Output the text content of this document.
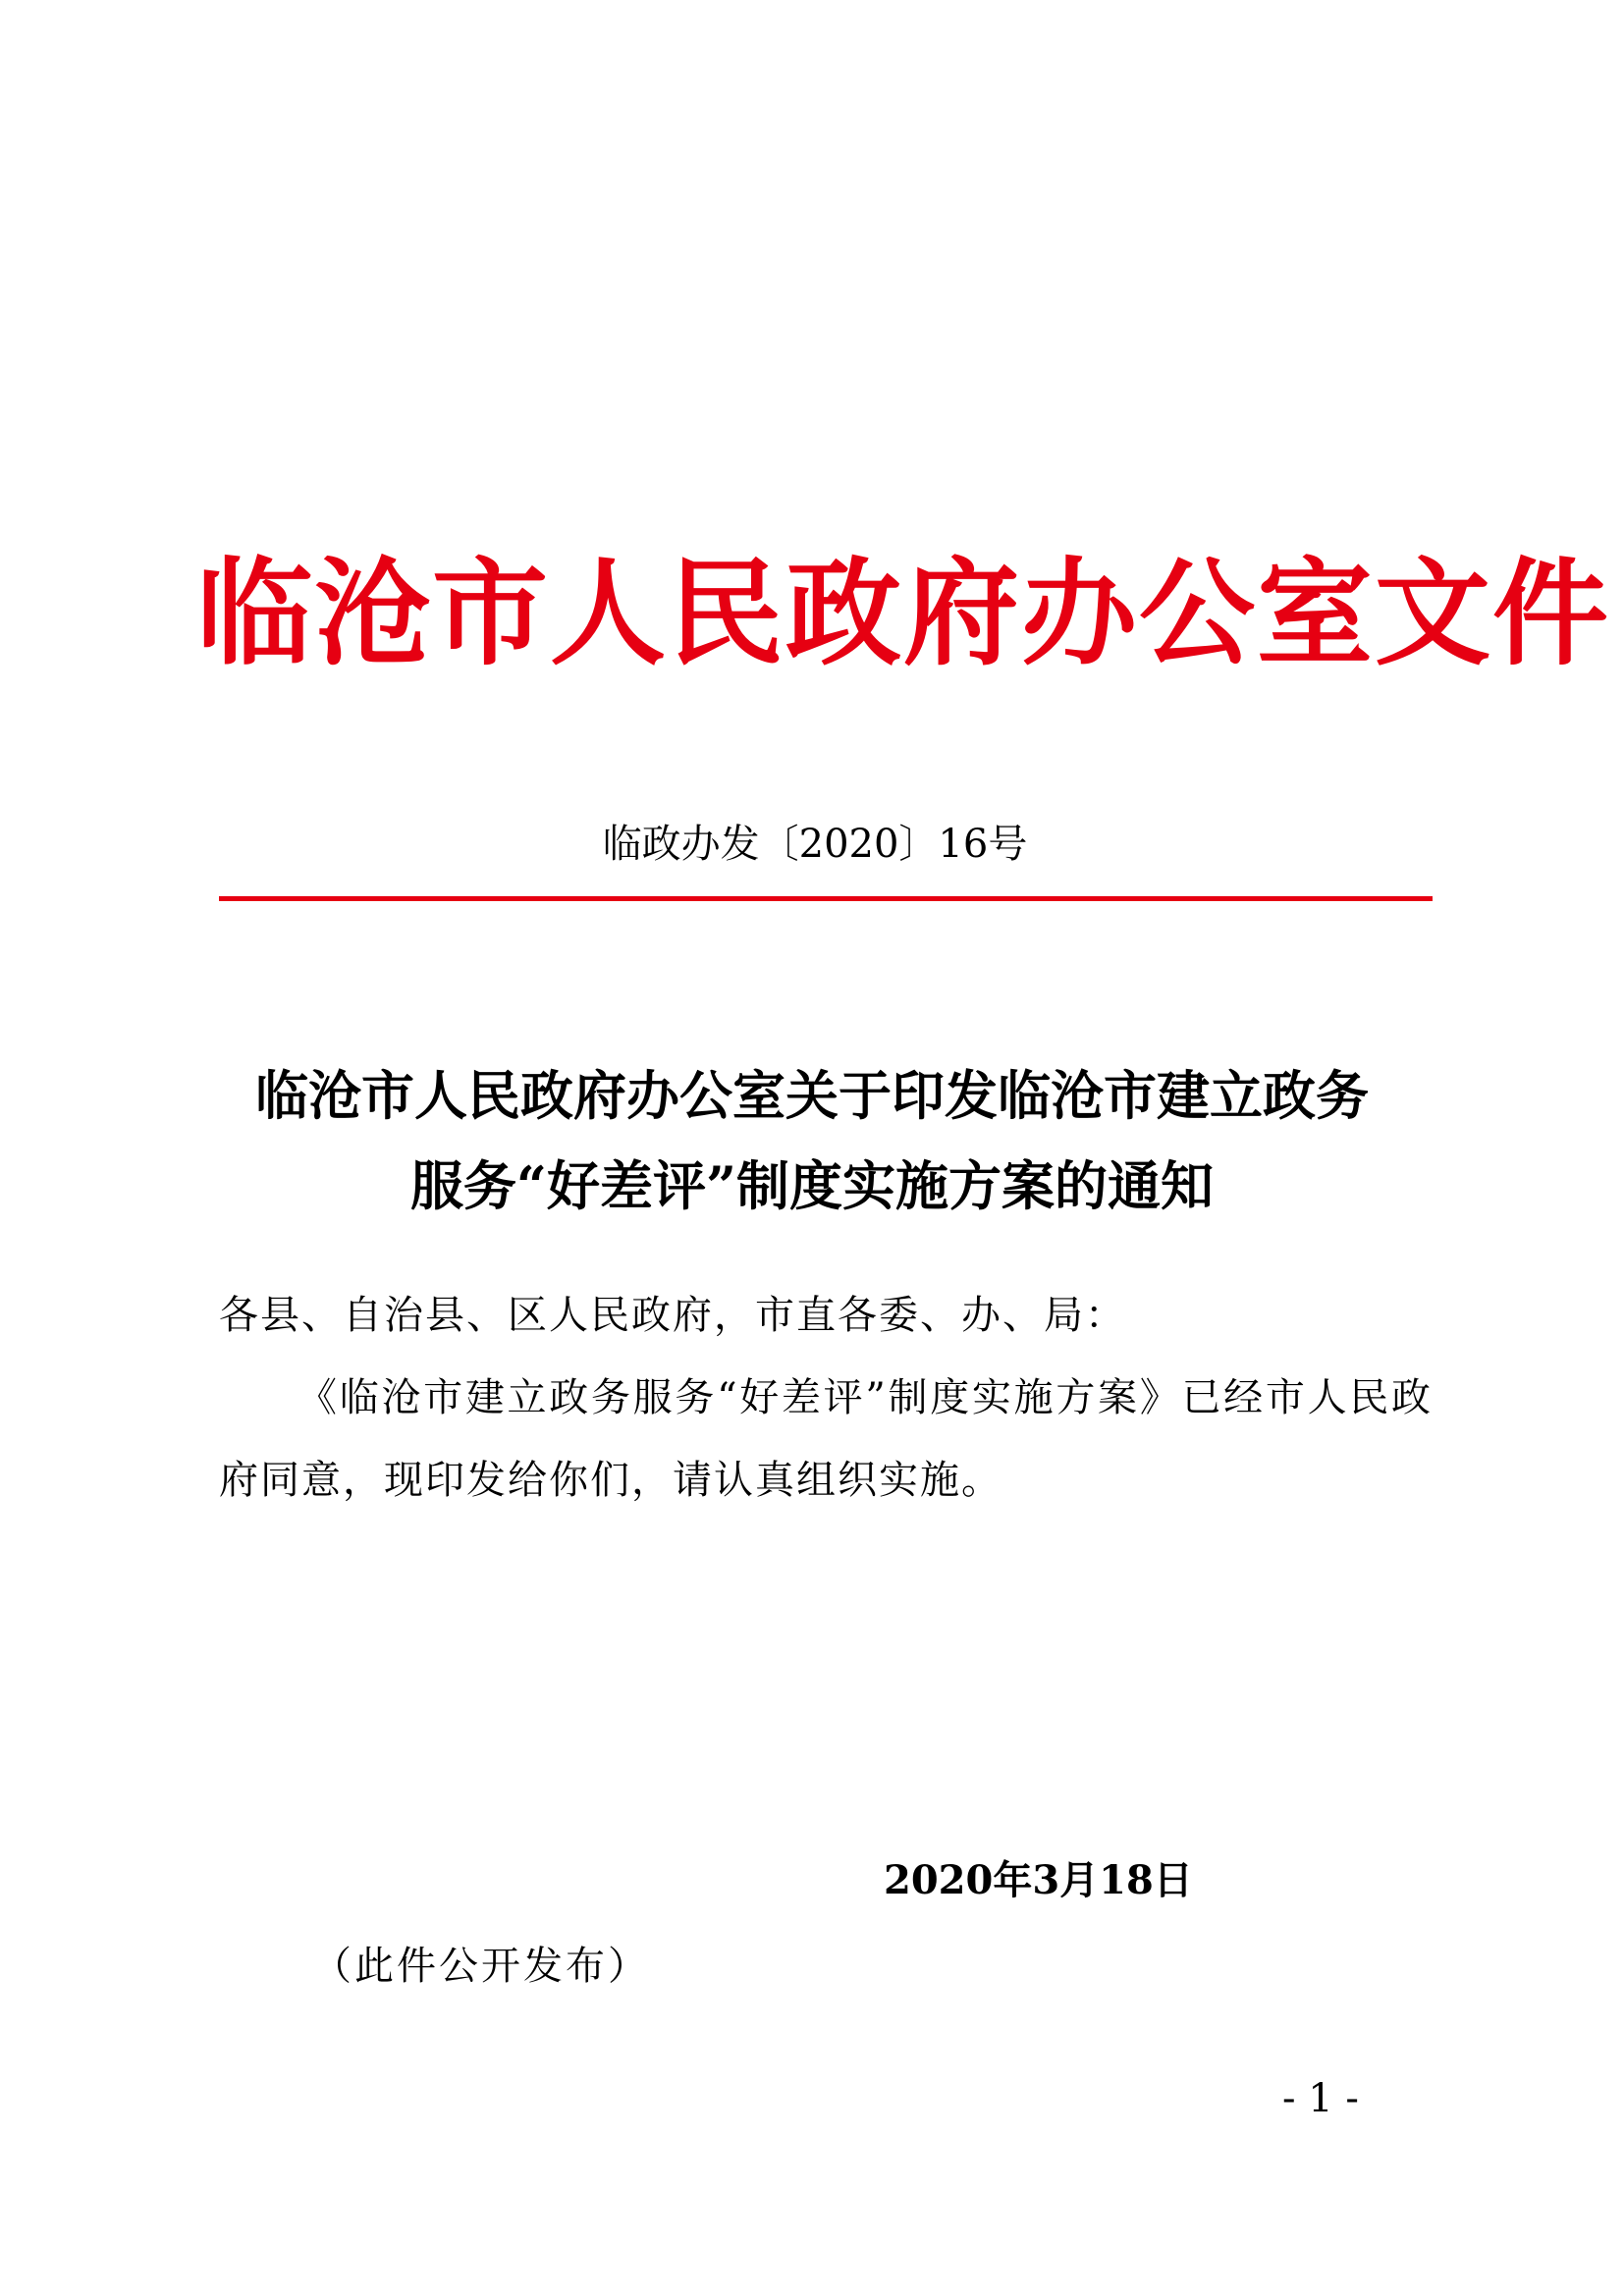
临沧市人民政府办公室文件
临政办发〔2020〕16号
临沧市人民政府办公室关于印发临沧市建立政务
服务“好差评”制度实施方案的通知

各县、自治县、区人民政府，市直各委、办、局：

《临沧市建立政务服务“好差评”制度实施方案》已经市人民政府同意，现印发给你们，请认真组织实施。

2020年3月18日
（此件公开发布）
- 1 -
